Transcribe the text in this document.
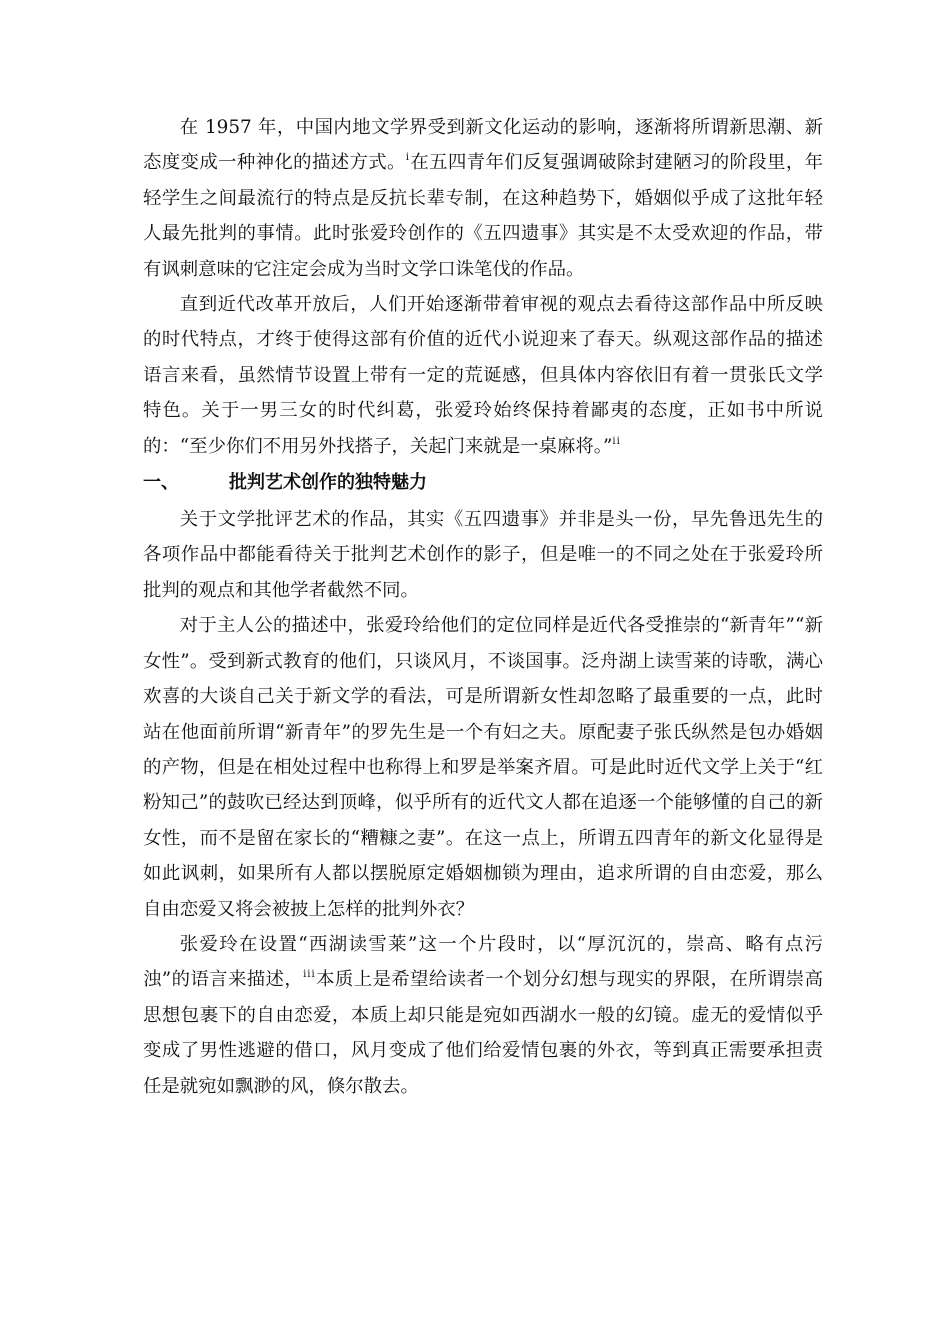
在 1957 年，中国内地文学界受到新文化运动的影响，逐渐将所谓新思潮、新态度变成一种神化的描述方式。$^i$在五四青年们反复强调破除封建陋习的阶段里，年轻学生之间最流行的特点是反抗长辈专制，在这种趋势下，婚姻似乎成了这批年轻人最先批判的事情。此时张爱玲创作的《五四遗事》其实是不太受欢迎的作品，带有讽刺意味的它注定会成为当时文学口诛笔伐的作品。

直到近代改革开放后，人们开始逐渐带着审视的观点去看待这部作品中所反映的时代特点，才终于使得这部有价值的近代小说迎来了春天。纵观这部作品的描述语言来看，虽然情节设置上带有一定的荒诞感，但具体内容依旧有着一贯张氏文学特色。关于一男三女的时代纠葛，张爱玲始终保持着鄙夷的态度，正如书中所说的：“至少你们不用另外找搭子，关起门来就是一桌麻将。”$^{ii}$

一、	批判艺术创作的独特魅力

关于文学批评艺术的作品，其实《五四遗事》并非是头一份，早先鲁迅先生的各项作品中都能看待关于批判艺术创作的影子，但是唯一的不同之处在于张爱玲所批判的观点和其他学者截然不同。

对于主人公的描述中，张爱玲给他们的定位同样是近代各受推崇的“新青年”“新女性”。受到新式教育的他们，只谈风月，不谈国事。泛舟湖上读雪莱的诗歌，满心欢喜的大谈自己关于新文学的看法，可是所谓新女性却忽略了最重要的一点，此时站在他面前所谓“新青年”的罗先生是一个有妇之夫。原配妻子张氏纵然是包办婚姻的产物，但是在相处过程中也称得上和罗是举案齐眉。可是此时近代文学上关于“红粉知己”的鼓吹已经达到顶峰，似乎所有的近代文人都在追逐一个能够懂的自己的新女性，而不是留在家长的“糟糠之妻”。在这一点上，所谓五四青年的新文化显得是如此讽刺，如果所有人都以摆脱原定婚姻枷锁为理由，追求所谓的自由恋爱，那么自由恋爱又将会被披上怎样的批判外衣？

张爱玲在设置“西湖读雪莱”这一个片段时，以“厚沉沉的，崇高、略有点污浊”的语言来描述，$^{iii}$本质上是希望给读者一个划分幻想与现实的界限，在所谓崇高思想包裹下的自由恋爱，本质上却只能是宛如西湖水一般的幻镜。虚无的爱情似乎变成了男性逃避的借口，风月变成了他们给爱情包裹的外衣，等到真正需要承担责任是就宛如飘渺的风，倏尔散去。
